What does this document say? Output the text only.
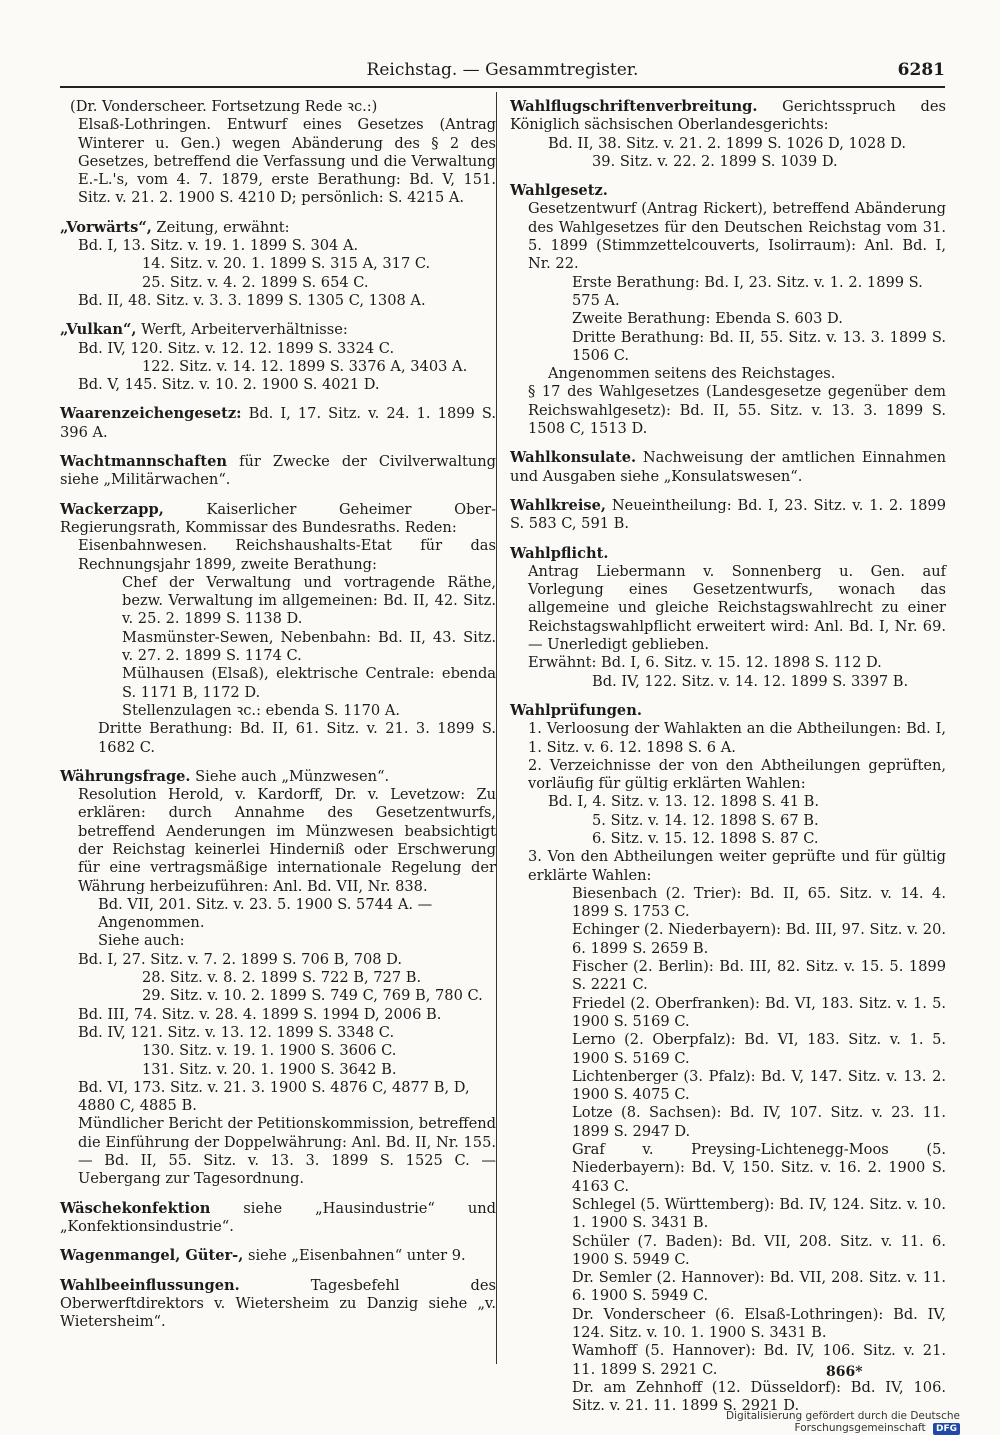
Reichstag. — Gesammtregister.	6281

(Dr. Vonderscheer. Fortsetzung Rede ꝛc.:)

Elsaß-Lothringen. Entwurf eines Gesetzes (Antrag Winterer u. Gen.) wegen Abänderung des § 2 des Gesetzes, betreffend die Verfassung und die Verwaltung E.-L.'s, vom 4. 7. 1879, erste Berathung: Bd. V, 151. Sitz. v. 21. 2. 1900 S. 4210 D; persönlich: S. 4215 A.

„Vorwärts“, Zeitung, erwähnt:

Bd. I, 13. Sitz. v. 19. 1. 1899 S. 304 A.

14. Sitz. v. 20. 1. 1899 S. 315 A, 317 C.

25. Sitz. v. 4. 2. 1899 S. 654 C.

Bd. II, 48. Sitz. v. 3. 3. 1899 S. 1305 C, 1308 A.

„Vulkan“, Werft, Arbeiterverhältnisse:

Bd. IV, 120. Sitz. v. 12. 12. 1899 S. 3324 C.

122. Sitz. v. 14. 12. 1899 S. 3376 A, 3403 A.

Bd. V, 145. Sitz. v. 10. 2. 1900 S. 4021 D.

Waarenzeichengesetz: Bd. I, 17. Sitz. v. 24. 1. 1899 S. 396 A.

Wachtmannschaften für Zwecke der Civilverwaltung siehe „Militärwachen“.

Wackerzapp, Kaiserlicher Geheimer Ober-Regierungsrath, Kommissar des Bundesraths. Reden:

Eisenbahnwesen. Reichshaushalts-Etat für das Rechnungsjahr 1899, zweite Berathung:

Chef der Verwaltung und vortragende Räthe, bezw. Verwaltung im allgemeinen: Bd. II, 42. Sitz. v. 25. 2. 1899 S. 1138 D.

Masmünster-Sewen, Nebenbahn: Bd. II, 43. Sitz. v. 27. 2. 1899 S. 1174 C.

Mülhausen (Elsaß), elektrische Centrale: ebenda S. 1171 B, 1172 D.

Stellenzulagen ꝛc.: ebenda S. 1170 A.

Dritte Berathung: Bd. II, 61. Sitz. v. 21. 3. 1899 S. 1682 C.

Währungsfrage. Siehe auch „Münzwesen“.

Resolution Herold, v. Kardorff, Dr. v. Levetzow: Zu erklären: durch Annahme des Gesetzentwurfs, betreffend Aenderungen im Münzwesen beabsichtigt der Reichstag keinerlei Hinderniß oder Erschwerung für eine vertragsmäßige internationale Regelung der Währung herbeizuführen: Anl. Bd. VII, Nr. 838.

Bd. VII, 201. Sitz. v. 23. 5. 1900 S. 5744 A. — Angenommen.

Siehe auch:

Bd. I, 27. Sitz. v. 7. 2. 1899 S. 706 B, 708 D.

28. Sitz. v. 8. 2. 1899 S. 722 B, 727 B.

29. Sitz. v. 10. 2. 1899 S. 749 C, 769 B, 780 C.

Bd. III, 74. Sitz. v. 28. 4. 1899 S. 1994 D, 2006 B.

Bd. IV, 121. Sitz. v. 13. 12. 1899 S. 3348 C.

130. Sitz. v. 19. 1. 1900 S. 3606 C.

131. Sitz. v. 20. 1. 1900 S. 3642 B.

Bd. VI, 173. Sitz. v. 21. 3. 1900 S. 4876 C, 4877 B, D, 4880 C, 4885 B.

Mündlicher Bericht der Petitionskommission, betreffend die Einführung der Doppelwährung: Anl. Bd. II, Nr. 155. — Bd. II, 55. Sitz. v. 13. 3. 1899 S. 1525 C. — Uebergang zur Tagesordnung.

Wäschekonfektion siehe „Hausindustrie“ und „Konfektionsindustrie“.

Wagenmangel, Güter-, siehe „Eisenbahnen“ unter 9.

Wahlbeeinflussungen. Tagesbefehl des Oberwerftdirektors v. Wietersheim zu Danzig siehe „v. Wietersheim“.

Wahlflugschriftenverbreitung. Gerichtsspruch des Königlich sächsischen Oberlandesgerichts:

Bd. II, 38. Sitz. v. 21. 2. 1899 S. 1026 D, 1028 D.

39. Sitz. v. 22. 2. 1899 S. 1039 D.

Wahlgesetz.

Gesetzentwurf (Antrag Rickert), betreffend Abänderung des Wahlgesetzes für den Deutschen Reichstag vom 31. 5. 1899 (Stimmzettelcouverts, Isolirraum): Anl. Bd. I, Nr. 22.

Erste Berathung: Bd. I, 23. Sitz. v. 1. 2. 1899 S. 575 A.

Zweite Berathung: Ebenda S. 603 D.

Dritte Berathung: Bd. II, 55. Sitz. v. 13. 3. 1899 S. 1506 C.

Angenommen seitens des Reichstages.

§ 17 des Wahlgesetzes (Landesgesetze gegenüber dem Reichswahlgesetz): Bd. II, 55. Sitz. v. 13. 3. 1899 S. 1508 C, 1513 D.

Wahlkonsulate. Nachweisung der amtlichen Einnahmen und Ausgaben siehe „Konsulatswesen“.

Wahlkreise, Neueintheilung: Bd. I, 23. Sitz. v. 1. 2. 1899 S. 583 C, 591 B.

Wahlpflicht.

Antrag Liebermann v. Sonnenberg u. Gen. auf Vorlegung eines Gesetzentwurfs, wonach das allgemeine und gleiche Reichstagswahlrecht zu einer Reichstagswahlpflicht erweitert wird: Anl. Bd. I, Nr. 69. — Unerledigt geblieben.

Erwähnt: Bd. I, 6. Sitz. v. 15. 12. 1898 S. 112 D.

Bd. IV, 122. Sitz. v. 14. 12. 1899 S. 3397 B.

Wahlprüfungen.

1. Verloosung der Wahlakten an die Abtheilungen: Bd. I, 1. Sitz. v. 6. 12. 1898 S. 6 A.

2. Verzeichnisse der von den Abtheilungen geprüften, vorläufig für gültig erklärten Wahlen:

Bd. I, 4. Sitz. v. 13. 12. 1898 S. 41 B.

5. Sitz. v. 14. 12. 1898 S. 67 B.

6. Sitz. v. 15. 12. 1898 S. 87 C.

3. Von den Abtheilungen weiter geprüfte und für gültig erklärte Wahlen:

Biesenbach (2. Trier): Bd. II, 65. Sitz. v. 14. 4. 1899 S. 1753 C.

Echinger (2. Niederbayern): Bd. III, 97. Sitz. v. 20. 6. 1899 S. 2659 B.

Fischer (2. Berlin): Bd. III, 82. Sitz. v. 15. 5. 1899 S. 2221 C.

Friedel (2. Oberfranken): Bd. VI, 183. Sitz. v. 1. 5. 1900 S. 5169 C.

Lerno (2. Oberpfalz): Bd. VI, 183. Sitz. v. 1. 5. 1900 S. 5169 C.

Lichtenberger (3. Pfalz): Bd. V, 147. Sitz. v. 13. 2. 1900 S. 4075 C.

Lotze (8. Sachsen): Bd. IV, 107. Sitz. v. 23. 11. 1899 S. 2947 D.

Graf v. Preysing-Lichtenegg-Moos (5. Niederbayern): Bd. V, 150. Sitz. v. 16. 2. 1900 S. 4163 C.

Schlegel (5. Württemberg): Bd. IV, 124. Sitz. v. 10. 1. 1900 S. 3431 B.

Schüler (7. Baden): Bd. VII, 208. Sitz. v. 11. 6. 1900 S. 5949 C.

Dr. Semler (2. Hannover): Bd. VII, 208. Sitz. v. 11. 6. 1900 S. 5949 C.

Dr. Vonderscheer (6. Elsaß-Lothringen): Bd. IV, 124. Sitz. v. 10. 1. 1900 S. 3431 B.

Wamhoff (5. Hannover): Bd. IV, 106. Sitz. v. 21. 11. 1899 S. 2921 C.

Dr. am Zehnhoff (12. Düsseldorf): Bd. IV, 106. Sitz. v. 21. 11. 1899 S. 2921 D.

866*
Digitalisierung gefördert durch die Deutsche Forschungsgemeinschaft DFG
